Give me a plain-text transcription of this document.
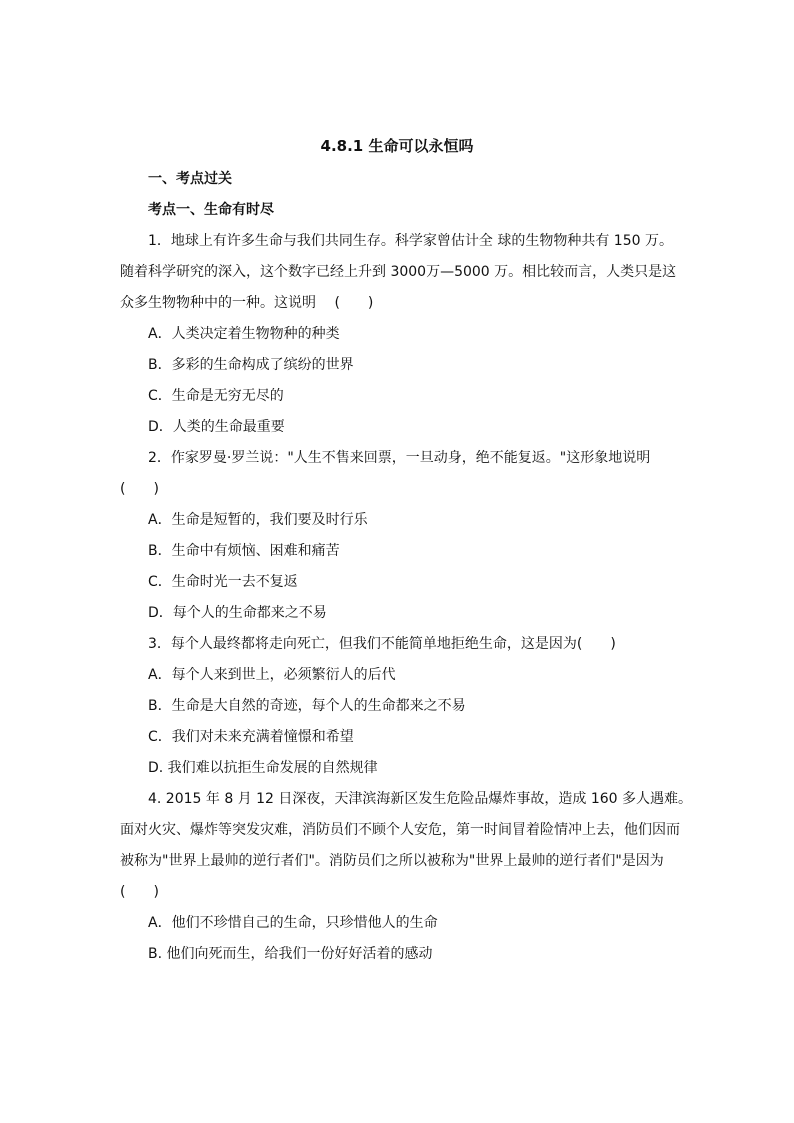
4.8.1 生命可以永恒吗
一、考点过关
考点一、生命有时尽
1．地球上有许多生命与我们共同生存。科学家曾估计全 球的生物物种共有 150 万。
随着科学研究的深入，这个数字已经上升到 3000万—5000 万。相比较而言，人类只是这
众多生物物种中的一种。这说明　 (　　)
A．人类决定着生物物种的种类
B．多彩的生命构成了缤纷的世界
C．生命是无穷无尽的
D．人类的生命最重要
2．作家罗曼·罗兰说："人生不售来回票，一旦动身，绝不能复返。"这形象地说明
(　　)
A．生命是短暂的，我们要及时行乐
B．生命中有烦恼、困难和痛苦
C．生命时光一去不复返
D．每个人的生命都来之不易
3．每个人最终都将走向死亡，但我们不能简单地拒绝生命，这是因为(　　)
A．每个人来到世上，必须繁衍人的后代
B．生命是大自然的奇迹，每个人的生命都来之不易
C．我们对未来充满着憧憬和希望
D. 我们难以抗拒生命发展的自然规律
4. 2015 年 8 月 12 日深夜，天津滨海新区发生危险品爆炸事故，造成 160 多人遇难。
面对火灾、爆炸等突发灾难，消防员们不顾个人安危，第一时间冒着险情冲上去，他们因而
被称为"世界上最帅的逆行者们"。消防员们之所以被称为"世界上最帅的逆行者们"是因为
(　　)
A．他们不珍惜自己的生命，只珍惜他人的生命
B. 他们向死而生，给我们一份好好活着的感动
